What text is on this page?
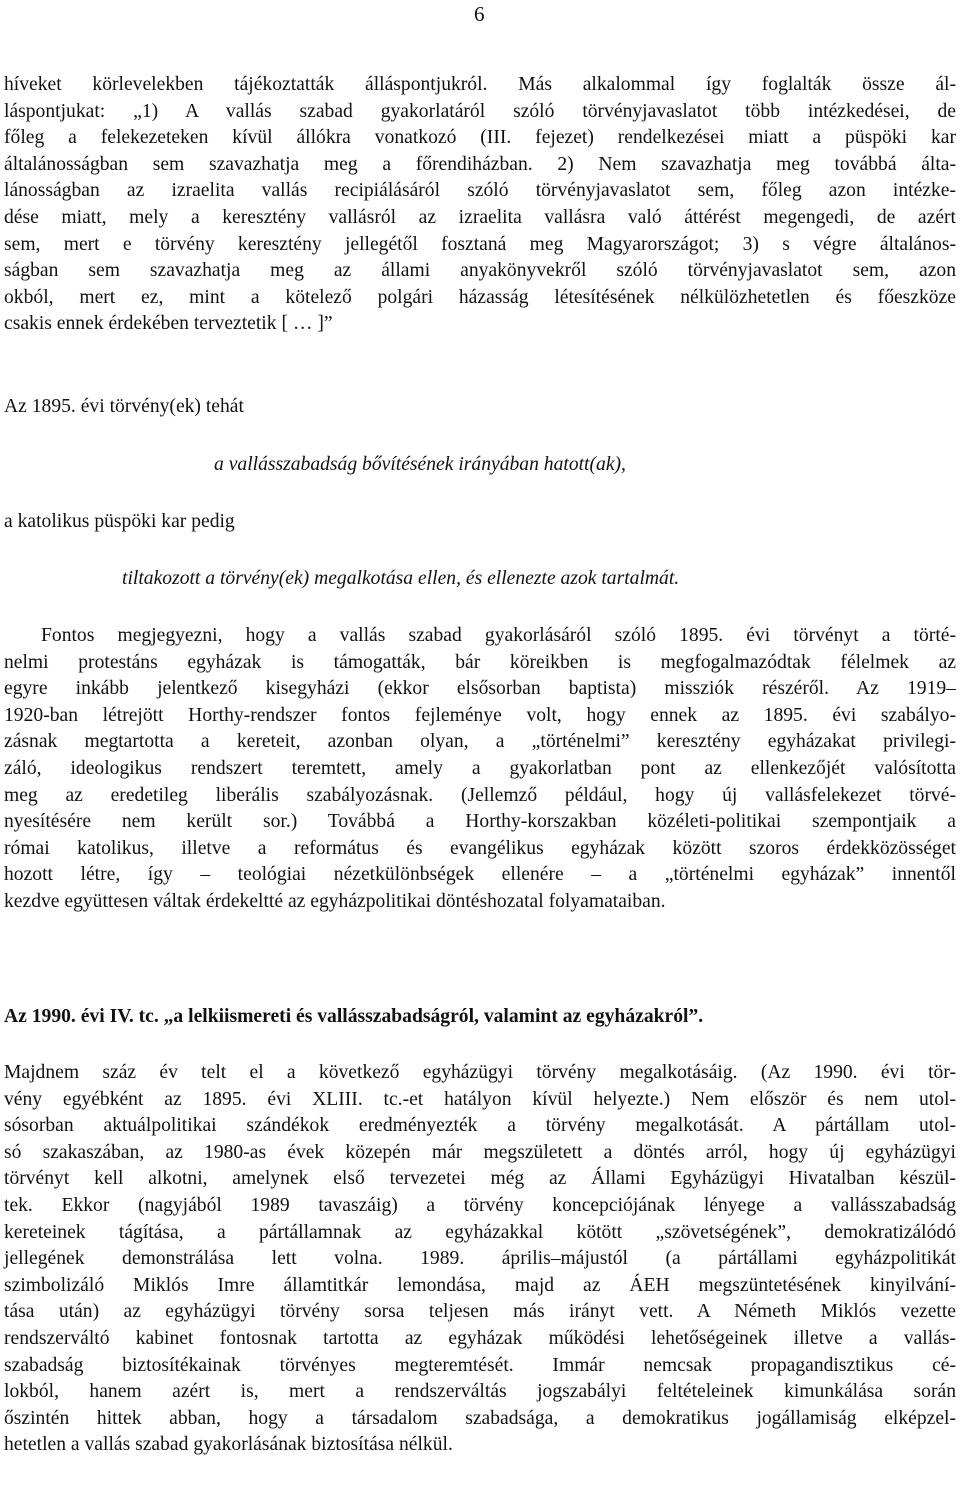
6
híveket körlevelekben tájékoztatták álláspontjukról. Más alkalommal így foglalták össze ál-
láspontjukat: „1) A vallás szabad gyakorlatáról szóló törvényjavaslatot több intézkedései, de
főleg a felekezeteken kívül állókra vonatkozó (III. fejezet) rendelkezései miatt a püspöki kar
általánosságban sem szavazhatja meg a főrendiházban. 2) Nem szavazhatja meg továbbá álta-
lánosságban az izraelita vallás recipiálásáról szóló törvényjavaslatot sem, főleg azon intézke-
dése miatt, mely a keresztény vallásról az izraelita vallásra való áttérést megengedi, de azért
sem, mert e törvény keresztény jellegétől fosztaná meg Magyarországot; 3) s végre általános-
ságban sem szavazhatja meg az állami anyakönyvekről szóló törvényjavaslatot sem, azon
okból, mert ez, mint a kötelező polgári házasság létesítésének nélkülözhetetlen és főeszköze
csakis ennek érdekében terveztetik [ … ]”
Az 1895. évi törvény(ek) tehát
a vallásszabadság bővítésének irányában hatott(ak),
a katolikus püspöki kar pedig
tiltakozott a törvény(ek) megalkotása ellen, és ellenezte azok tartalmát.
Fontos megjegyezni, hogy a vallás szabad gyakorlásáról szóló 1895. évi törvényt a törté-
nelmi protestáns egyházak is támogatták, bár köreikben is megfogalmazódtak félelmek az
egyre inkább jelentkező kisegyházi (ekkor elsősorban baptista) missziók részéről. Az 1919–
1920-ban létrejött Horthy-rendszer fontos fejleménye volt, hogy ennek az 1895. évi szabályo-
zásnak megtartotta a kereteit, azonban olyan, a „történelmi” keresztény egyházakat privilegi-
záló, ideologikus rendszert teremtett, amely a gyakorlatban pont az ellenkezőjét valósította
meg az eredetileg liberális szabályozásnak. (Jellemző például, hogy új vallásfelekezet törvé-
nyesítésére nem került sor.) Továbbá a Horthy-korszakban közéleti-politikai szempontjaik a
római katolikus, illetve a református és evangélikus egyházak között szoros érdekközösséget
hozott létre, így – teológiai nézetkülönbségek ellenére – a „történelmi egyházak” innentől
kezdve együttesen váltak érdekeltté az egyházpolitikai döntéshozatal folyamataiban.
Az 1990. évi IV. tc. „a lelkiismereti és vallásszabadságról, valamint az egyházakról”.
Majdnem száz év telt el a következő egyházügyi törvény megalkotásáig. (Az 1990. évi tör-
vény egyébként az 1895. évi XLIII. tc.-et hatályon kívül helyezte.) Nem először és nem utol-
sósorban aktuálpolitikai szándékok eredményezték a törvény megalkotását. A pártállam utol-
só szakaszában, az 1980-as évek közepén már megszületett a döntés arról, hogy új egyházügyi
törvényt kell alkotni, amelynek első tervezetei még az Állami Egyházügyi Hivatalban készül-
tek. Ekkor (nagyjából 1989 tavaszáig) a törvény koncepciójának lényege a vallásszabadság
kereteinek tágítása, a pártállamnak az egyházakkal kötött „szövetségének”, demokratizálódó
jellegének demonstrálása lett volna. 1989. április–májustól (a pártállami egyházpolitikát
szimbolizáló Miklós Imre államtitkár lemondása, majd az ÁEH megszüntetésének kinyilvání-
tása után) az egyházügyi törvény sorsa teljesen más irányt vett. A Németh Miklós vezette
rendszerváltó kabinet fontosnak tartotta az egyházak működési lehetőségeinek illetve a vallás-
szabadság biztosítékainak törvényes megteremtését. Immár nemcsak propagandisztikus cé-
lokból, hanem azért is, mert a rendszerváltás jogszabályi feltételeinek kimunkálása során
őszintén hittek abban, hogy a társadalom szabadsága, a demokratikus jogállamiság elképzel-
hetetlen a vallás szabad gyakorlásának biztosítása nélkül.
